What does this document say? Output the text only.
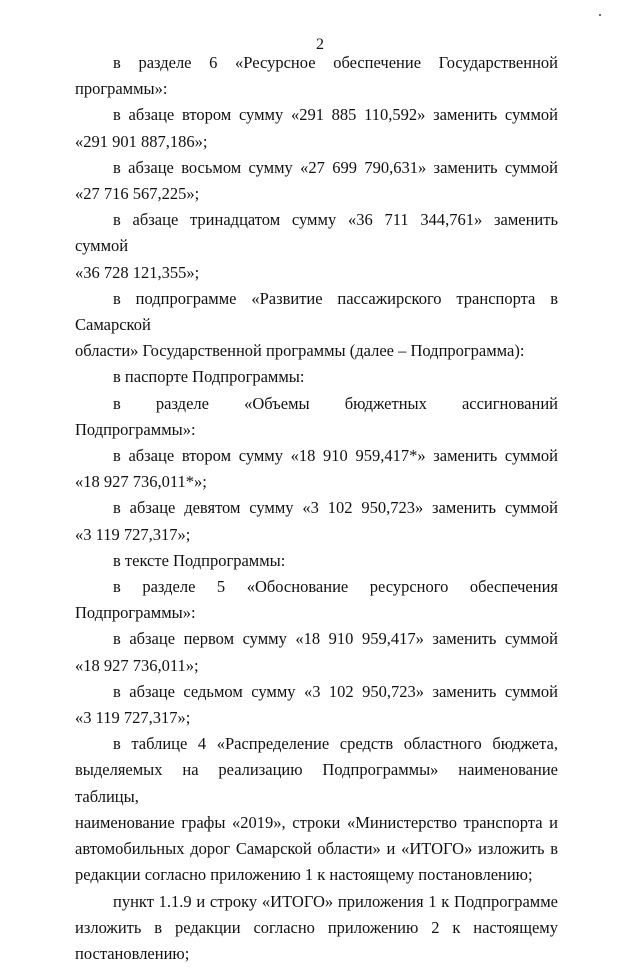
2

в разделе 6 «Ресурсное обеспечение Государственной
программы»:

в абзаце втором сумму «291 885 110,592» заменить суммой
«291 901 887,186»;

в абзаце восьмом сумму «27 699 790,631» заменить суммой
«27 716 567,225»;

в абзаце тринадцатом сумму «36 711 344,761» заменить суммой
«36 728 121,355»;

в подпрограмме «Развитие пассажирского транспорта в Самарской
области» Государственной программы (далее – Подпрограмма):

в паспорте Подпрограммы:

в разделе «Объемы бюджетных ассигнований Подпрограммы»:

в абзаце втором сумму «18 910 959,417*» заменить суммой
«18 927 736,011*»;

в абзаце девятом сумму «3 102 950,723» заменить суммой
«3 119 727,317»;

в тексте Подпрограммы:

в разделе 5 «Обоснование ресурсного обеспечения Подпрограммы»:

в абзаце первом сумму «18 910 959,417» заменить суммой
«18 927 736,011»;

в абзаце седьмом сумму «3 102 950,723» заменить суммой
«3 119 727,317»;

в таблице 4 «Распределение средств областного бюджета,
выделяемых на реализацию Подпрограммы» наименование таблицы,
наименование графы «2019», строки «Министерство транспорта и
автомобильных дорог Самарской области» и «ИТОГО» изложить в
редакции согласно приложению 1 к настоящему постановлению;

пункт 1.1.9 и строку «ИТОГО» приложения 1 к Подпрограмме
изложить в редакции согласно приложению 2 к настоящему
постановлению;
